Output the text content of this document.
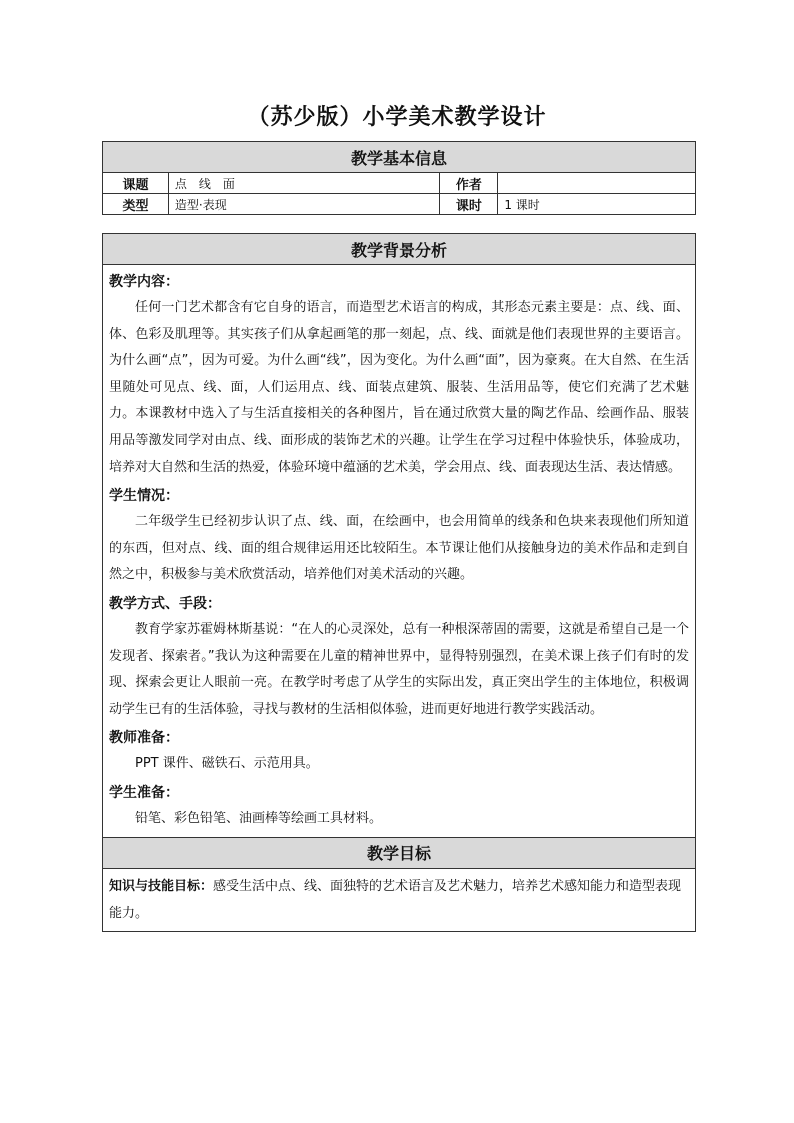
（苏少版）小学美术教学设计
教学基本信息			
课题	点　线　面	作者	
类型	造型·表现	课时	1 课时
教学背景分析

教学内容：

任何一门艺术都含有它自身的语言，而造型艺术语言的构成，其形态元素主要是：点、线、面、体、色彩及肌理等。其实孩子们从拿起画笔的那一刻起，点、线、面就是他们表现世界的主要语言。为什么画“点”，因为可爱。为什么画“线”，因为变化。为什么画“面”，因为豪爽。在大自然、在生活里随处可见点、线、面，人们运用点、线、面装点建筑、服装、生活用品等，使它们充满了艺术魅力。本课教材中选入了与生活直接相关的各种图片，旨在通过欣赏大量的陶艺作品、绘画作品、服装用品等激发同学对由点、线、面形成的装饰艺术的兴趣。让学生在学习过程中体验快乐，体验成功，培养对大自然和生活的热爱，体验环境中蕴涵的艺术美，学会用点、线、面表现达生活、表达情感。

学生情况：

二年级学生已经初步认识了点、线、面，在绘画中，也会用简单的线条和色块来表现他们所知道的东西，但对点、线、面的组合规律运用还比较陌生。本节课让他们从接触身边的美术作品和走到自然之中，积极参与美术欣赏活动，培养他们对美术活动的兴趣。

教学方式、手段：

教育学家苏霍姆林斯基说：“在人的心灵深处，总有一种根深蒂固的需要，这就是希望自己是一个发现者、探索者。”我认为这种需要在儿童的精神世界中，显得特别强烈，在美术课上孩子们有时的发现、探索会更让人眼前一亮。在教学时考虑了从学生的实际出发，真正突出学生的主体地位，积极调动学生已有的生活体验，寻找与教材的生活相似体验，进而更好地进行教学实践活动。

教师准备：

PPT 课件、磁铁石、示范用具。

学生准备：

铅笔、彩色铅笔、油画棒等绘画工具材料。

教学目标
知识与技能目标：感受生活中点、线、面独特的艺术语言及艺术魅力，培养艺术感知能力和造型表现能力。
